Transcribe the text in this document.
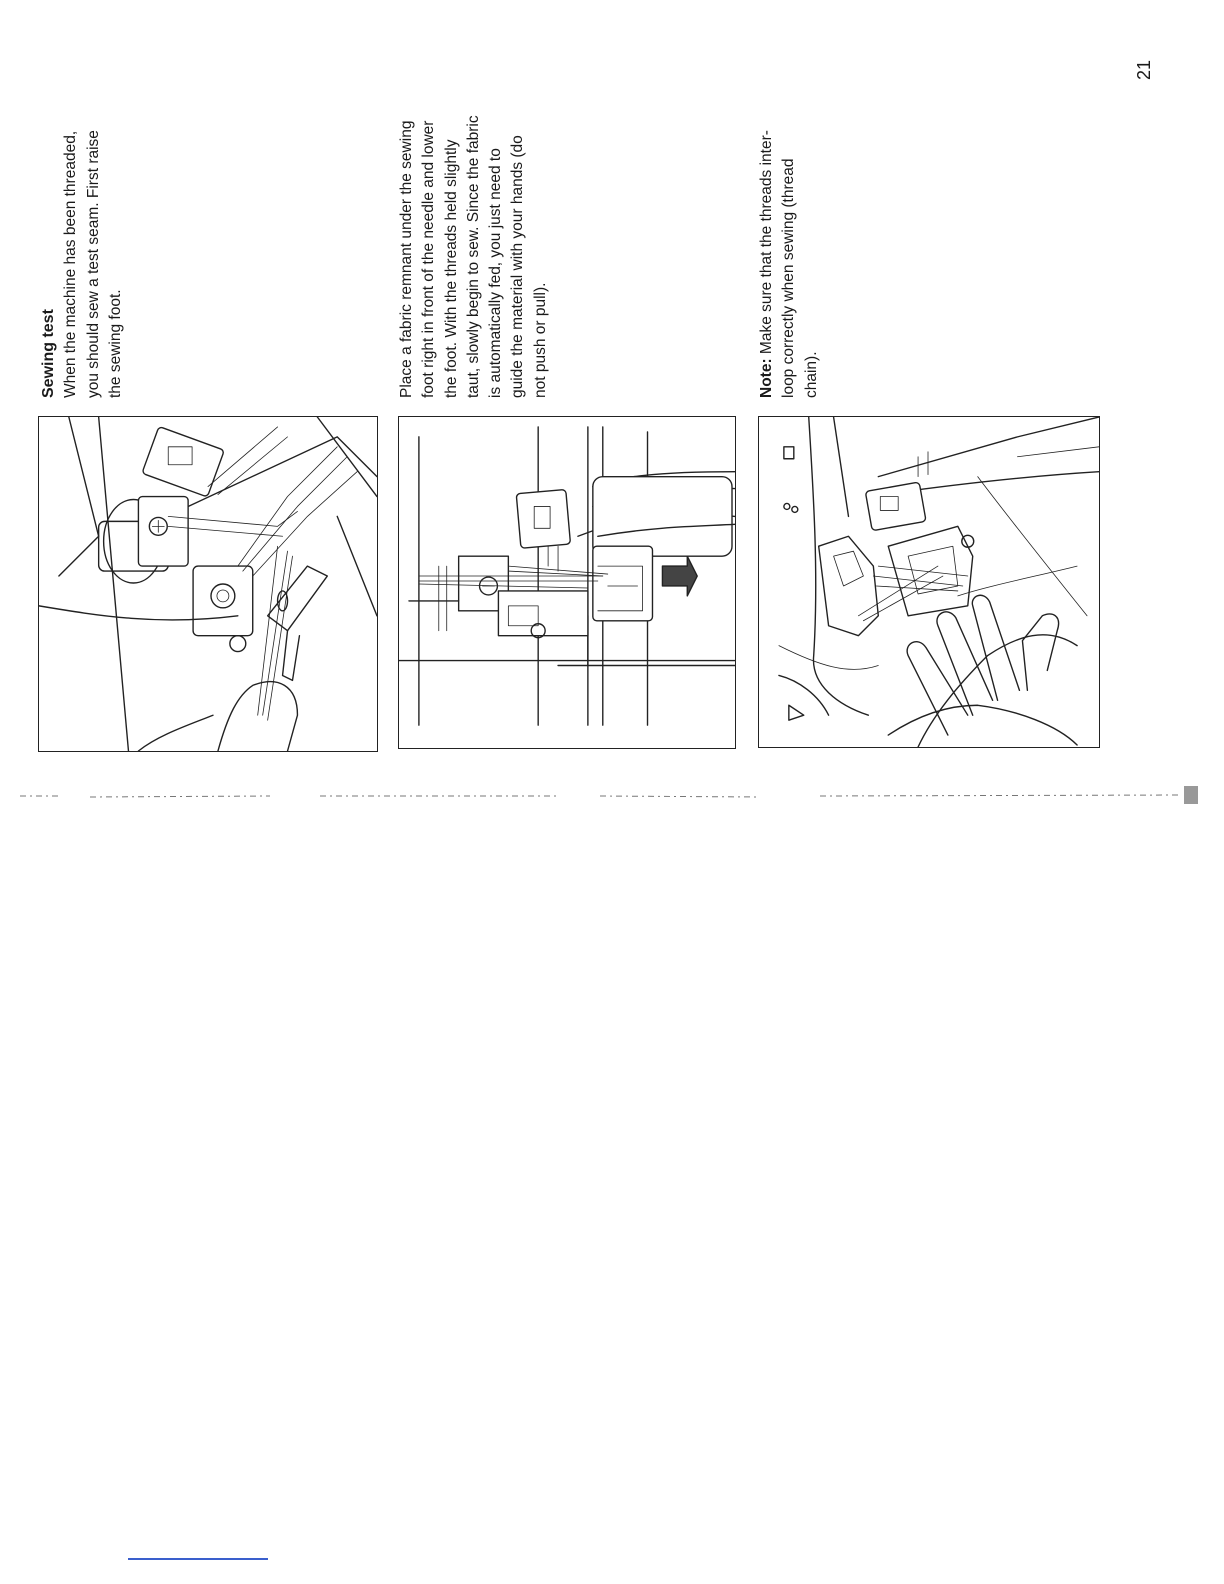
Sewing test When the machine has been threaded, you should sew a test seam. First raise the sewing foot.	Place a fabric remnant under the sewing foot right in front of the needle and lower the foot. With the threads held slightly taut, slowly begin to sew. Since the fabric is automatically fed, you just need to guide the material with your hands (do not push or pull).	Note: Make sure that the threads inter- loop correctly when sewing (thread chain).
21
